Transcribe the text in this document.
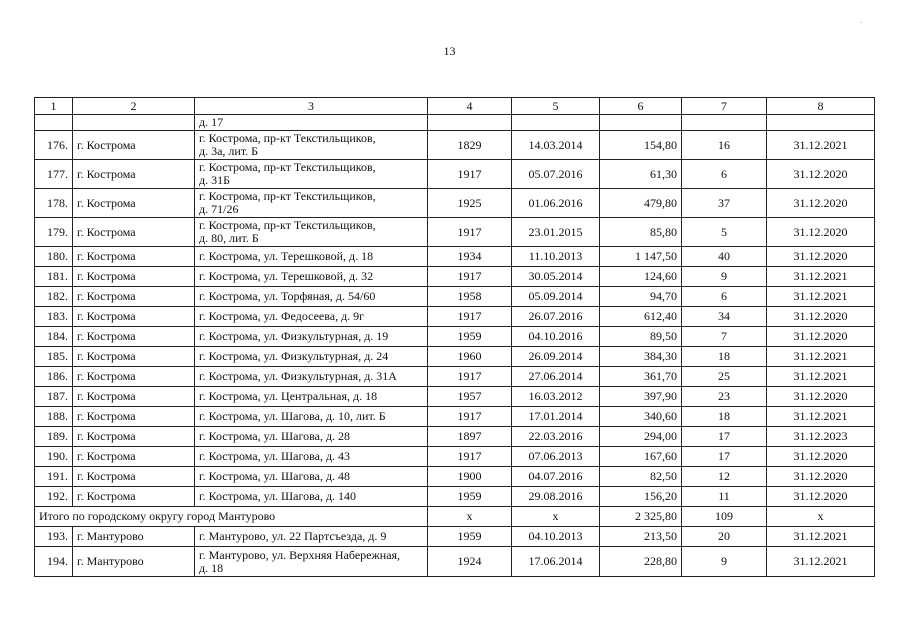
13
.
1	2	3	4	5	6	7	8
		д. 17					
176.	г. Кострома	г. Кострома, пр-кт Текстильщиков,
д. 3а, лит. Б	1829	14.03.2014	154,80	16	31.12.2021
177.	г. Кострома	г. Кострома, пр-кт Текстильщиков,
д. 31Б	1917	05.07.2016	61,30	6	31.12.2020
178.	г. Кострома	г. Кострома, пр-кт Текстильщиков,
д. 71/26	1925	01.06.2016	479,80	37	31.12.2020
179.	г. Кострома	г. Кострома, пр-кт Текстильщиков,
д. 80, лит. Б	1917	23.01.2015	85,80	5	31.12.2020
180.	г. Кострома	г. Кострома, ул. Терешковой, д. 18	1934	11.10.2013	1 147,50	40	31.12.2020
181.	г. Кострома	г. Кострома, ул. Терешковой, д. 32	1917	30.05.2014	124,60	9	31.12.2021
182.	г. Кострома	г. Кострома, ул. Торфяная, д. 54/60	1958	05.09.2014	94,70	6	31.12.2021
183.	г. Кострома	г. Кострома, ул. Федосеева, д. 9г	1917	26.07.2016	612,40	34	31.12.2020
184.	г. Кострома	г. Кострома, ул. Физкультурная, д. 19	1959	04.10.2016	89,50	7	31.12.2020
185.	г. Кострома	г. Кострома, ул. Физкультурная, д. 24	1960	26.09.2014	384,30	18	31.12.2021
186.	г. Кострома	г. Кострома, ул. Физкультурная, д. 31А	1917	27.06.2014	361,70	25	31.12.2021
187.	г. Кострома	г. Кострома, ул. Центральная, д. 18	1957	16.03.2012	397,90	23	31.12.2020
188.	г. Кострома	г. Кострома, ул. Шагова, д. 10, лит. Б	1917	17.01.2014	340,60	18	31.12.2021
189.	г. Кострома	г. Кострома, ул. Шагова, д. 28	1897	22.03.2016	294,00	17	31.12.2023
190.	г. Кострома	г. Кострома, ул. Шагова, д. 43	1917	07.06.2013	167,60	17	31.12.2020
191.	г. Кострома	г. Кострома, ул. Шагова, д. 48	1900	04.07.2016	82,50	12	31.12.2020
192.	г. Кострома	г. Кострома, ул. Шагова, д. 140	1959	29.08.2016	156,20	11	31.12.2020
Итого по городскому округу город Мантурово			x	x	2 325,80	109	x
193.	г. Мантурово	г. Мантурово, ул. 22 Партсъезда, д. 9	1959	04.10.2013	213,50	20	31.12.2021
194.	г. Мантурово	г. Мантурово, ул. Верхняя Набережная,
д. 18	1924	17.06.2014	228,80	9	31.12.2021
